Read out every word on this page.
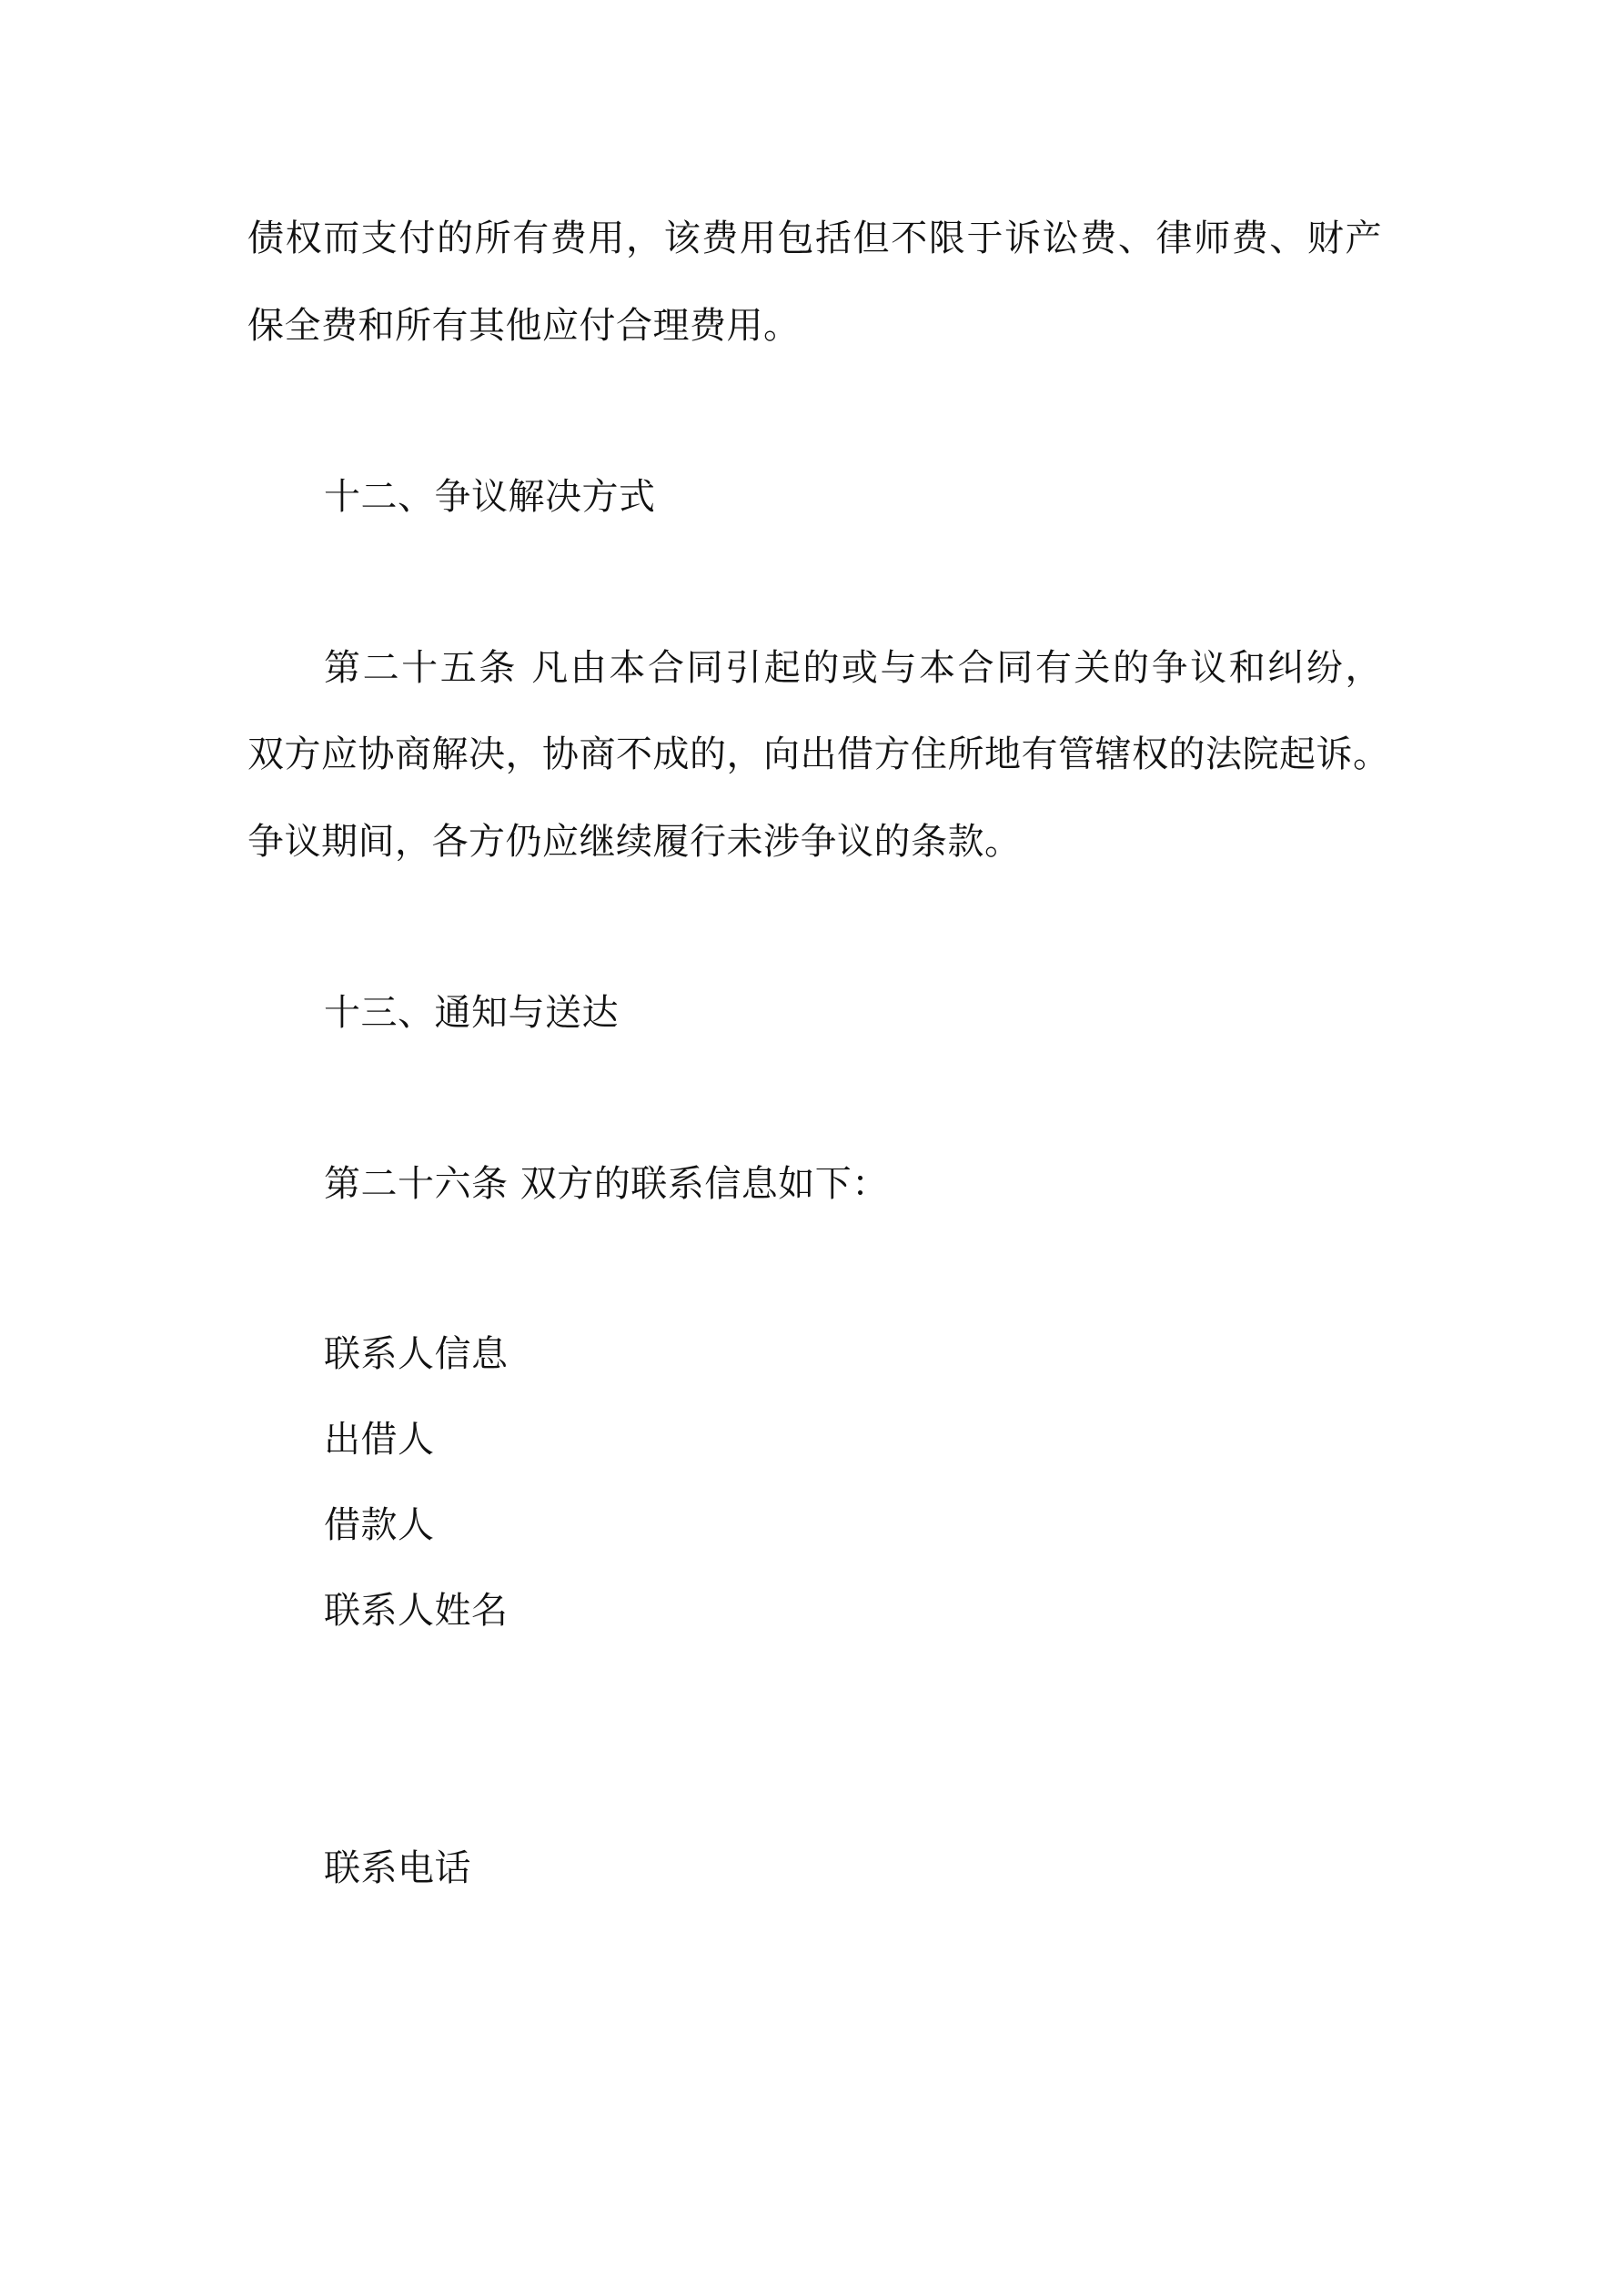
债权而支付的所有费用，该费用包括但不限于诉讼费、律师费、财产
保全费和所有其他应付合理费用。
十二、争议解决方式
第二十五条 凡由本合同引起的或与本合同有关的争议和纠纷，
双方应协商解决，协商不成的，向出借方住所地有管辖权的法院起诉。
争议期间，各方仍应继续履行未涉争议的条款。
十三、通知与送达
第二十六条 双方的联系信息如下：
联系人信息
出借人
借款人
联系人姓名
联系电话
